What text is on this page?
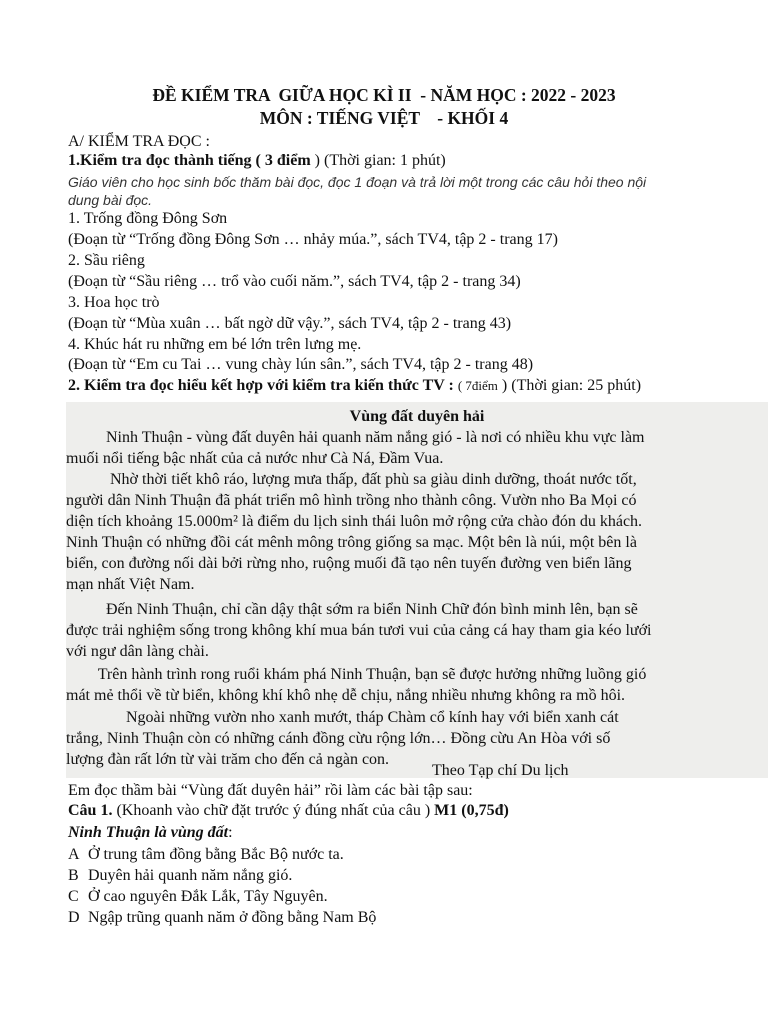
ĐỀ KIỂM TRA  GIỮA HỌC KÌ II  - NĂM HỌC : 2022 - 2023
MÔN : TIẾNG VIỆT    - KHỐI 4
A/ KIỂM TRA ĐỌC :
1.Kiểm tra đọc thành tiếng ( 3 điểm ) (Thời gian: 1 phút)
Giáo viên cho học sinh bốc thăm bài đọc, đọc 1 đoạn và trả lời một trong các câu hỏi theo nội
dung bài đọc.
1. Trống đồng Đông Sơn
(Đoạn từ “Trống đồng Đông Sơn … nhảy múa.”, sách TV4, tập 2 - trang 17)
2. Sầu riêng
(Đoạn từ “Sầu riêng … trổ vào cuối năm.”, sách TV4, tập 2 - trang 34)
3. Hoa học trò
(Đoạn từ “Mùa xuân … bất ngờ dữ vậy.”, sách TV4, tập 2 - trang 43)
4. Khúc hát ru những em bé lớn trên lưng mẹ.
(Đoạn từ “Em cu Tai … vung chày lún sân.”, sách TV4, tập 2 - trang 48)
2. Kiểm tra đọc hiểu kết hợp với kiểm tra kiến thức TV : ( 7điểm ) (Thời gian: 25 phút)
Vùng đất duyên hải
Ninh Thuận - vùng đất duyên hải quanh năm nắng gió - là nơi có nhiều khu vực làm
muối nổi tiếng bậc nhất của cả nước như Cà Ná, Đầm Vua.
Nhờ thời tiết khô ráo, lượng mưa thấp, đất phù sa giàu dinh dưỡng, thoát nước tốt,
người dân Ninh Thuận đã phát triển mô hình trồng nho thành công. Vườn nho Ba Mọi có
diện tích khoảng 15.000m² là điểm du lịch sinh thái luôn mở rộng cửa chào đón du khách.
Ninh Thuận có những đồi cát mênh mông trông giống sa mạc. Một bên là núi, một bên là
biển, con đường nối dài bởi rừng nho, ruộng muối đã tạo nên tuyến đường ven biển lãng
mạn nhất Việt Nam.
Đến Ninh Thuận, chỉ cần dậy thật sớm ra biển Ninh Chữ đón bình minh lên, bạn sẽ
được trải nghiệm sống trong không khí mua bán tươi vui của cảng cá hay tham gia kéo lưới
với ngư dân làng chài.
Trên hành trình rong ruổi khám phá Ninh Thuận, bạn sẽ được hưởng những luồng gió
mát mẻ thổi về từ biển, không khí khô nhẹ dễ chịu, nắng nhiều nhưng không ra mồ hôi.
Ngoài những vườn nho xanh mướt, tháp Chàm cổ kính hay với biển xanh cát
trắng, Ninh Thuận còn có những cánh đồng cừu rộng lớn… Đồng cừu An Hòa với số
lượng đàn rất lớn từ vài trăm cho đến cả ngàn con.
Theo Tạp chí Du lịch
Em đọc thầm bài “Vùng đất duyên hải” rồi làm các bài tập sau:
Câu 1. (Khoanh vào chữ đặt trước ý đúng nhất của câu ) M1 (0,75đ)
Ninh Thuận là vùng đất:
A Ở trung tâm đồng bằng Bắc Bộ nước ta.
B Duyên hải quanh năm nắng gió.
C Ở cao nguyên Đắk Lắk, Tây Nguyên.
D Ngập trũng quanh năm ở đồng bằng Nam Bộ
